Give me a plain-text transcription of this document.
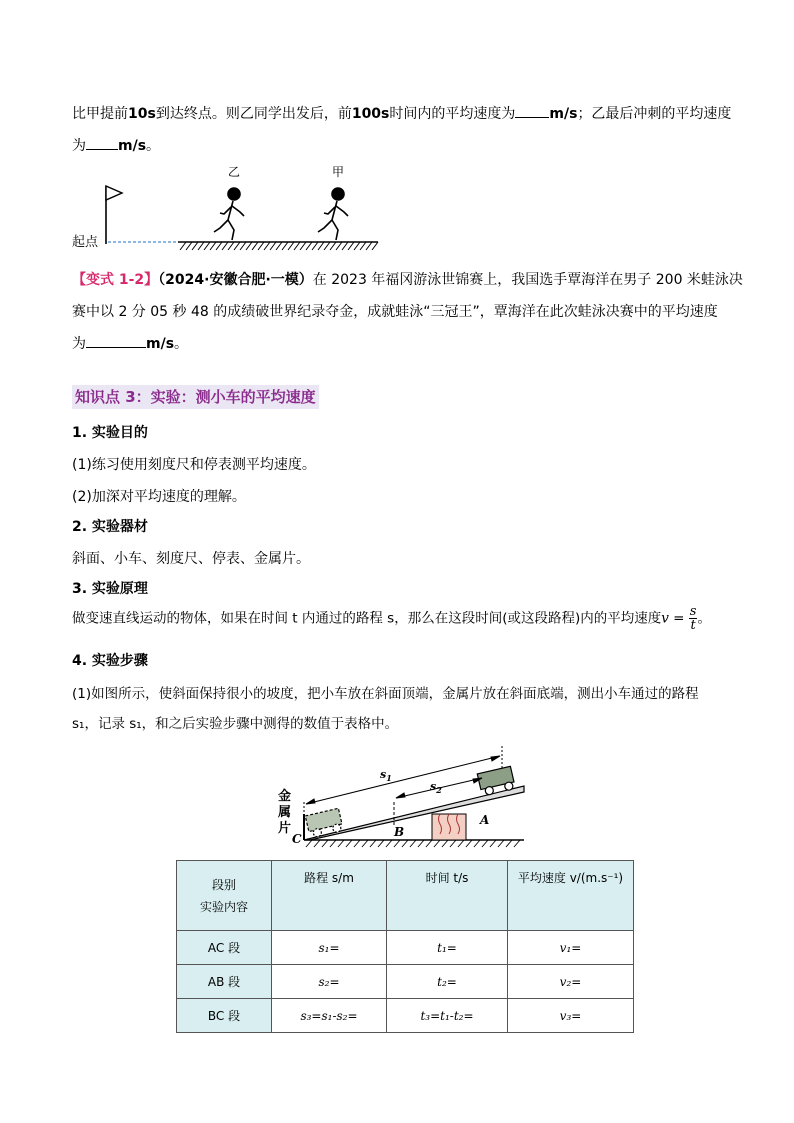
比甲提前10s到达终点。则乙同学出发后，前100s时间内的平均速度为 m/s；乙最后冲刺的平均速度
为 m/s。
乙	甲
起点
【变式 1-2】（2024·安徽合肥·一模）在 2023 年福冈游泳世锦赛上，我国选手覃海洋在男子 200 米蛙泳决
赛中以 2 分 05 秒 48 的成绩破世界纪录夺金，成就蛙泳“三冠王”，覃海洋在此次蛙泳决赛中的平均速度
为	m/s。
知识点 3：实验：测小车的平均速度
1. 实验目的
(1)练习使用刻度尺和停表测平均速度。
(2)加深对平均速度的理解。
2. 实验器材
斜面、小车、刻度尺、停表、金属片。
3. 实验原理
做变速直线运动的物体，如果在时间 t 内通过的路程 s，那么在这段时间(或这段路程)内的平均速度$v = \frac{s}{t}$ 。
4. 实验步骤
(1)如图所示，使斜面保持很小的坡度，把小车放在斜面顶端，金属片放在斜面底端，测出小车通过的路程
s₁，记录 s₁，和之后实验步骤中测得的数值于表格中。
$s_1$
$s_2$
A
B
C
金 属 片
段别
实验内容	路程 s/m	时间 t/s	平均速度 v/(m.s⁻¹)
AC 段	s₁=	t₁=	v₁=
AB 段	s₂=	t₂=	v₂=
BC 段	s₃=s₁-s₂=	t₃=t₁-t₂=	v₃=
